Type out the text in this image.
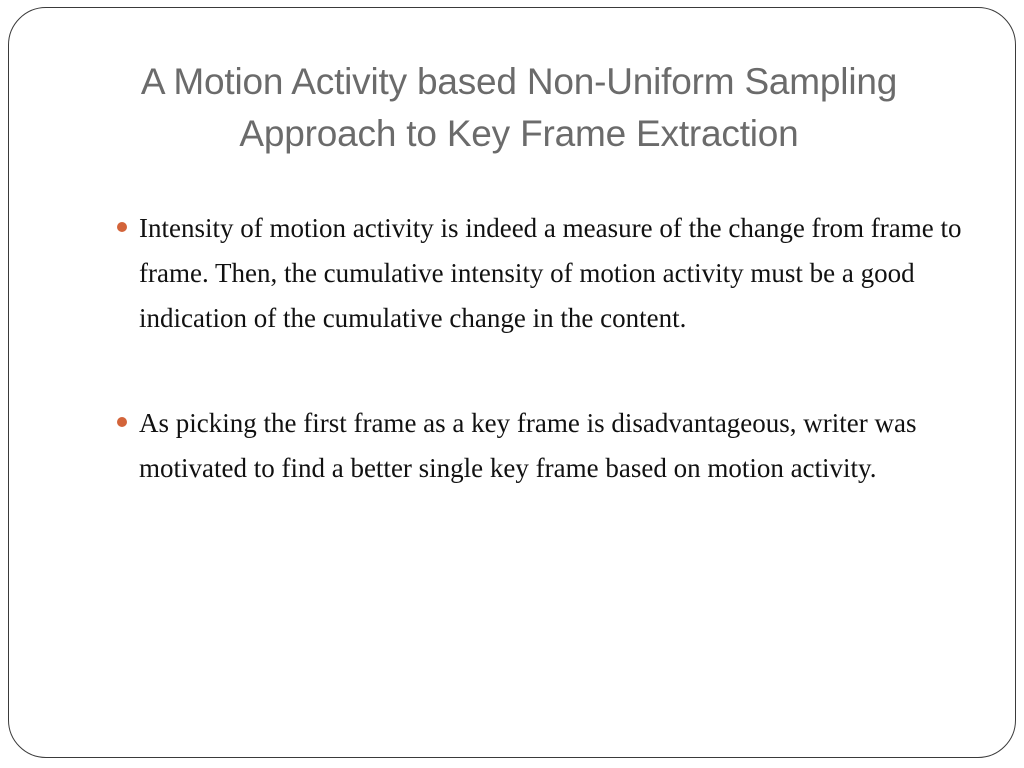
A Motion Activity based Non-Uniform Sampling Approach to Key Frame Extraction

Intensity of motion activity is indeed a measure of the change from frame to frame. Then, the cumulative intensity of motion activity must be a good indication of the cumulative change in the content.

As picking the first frame as a key frame is disadvantageous, writer was motivated to find a better single key frame based on motion activity.
